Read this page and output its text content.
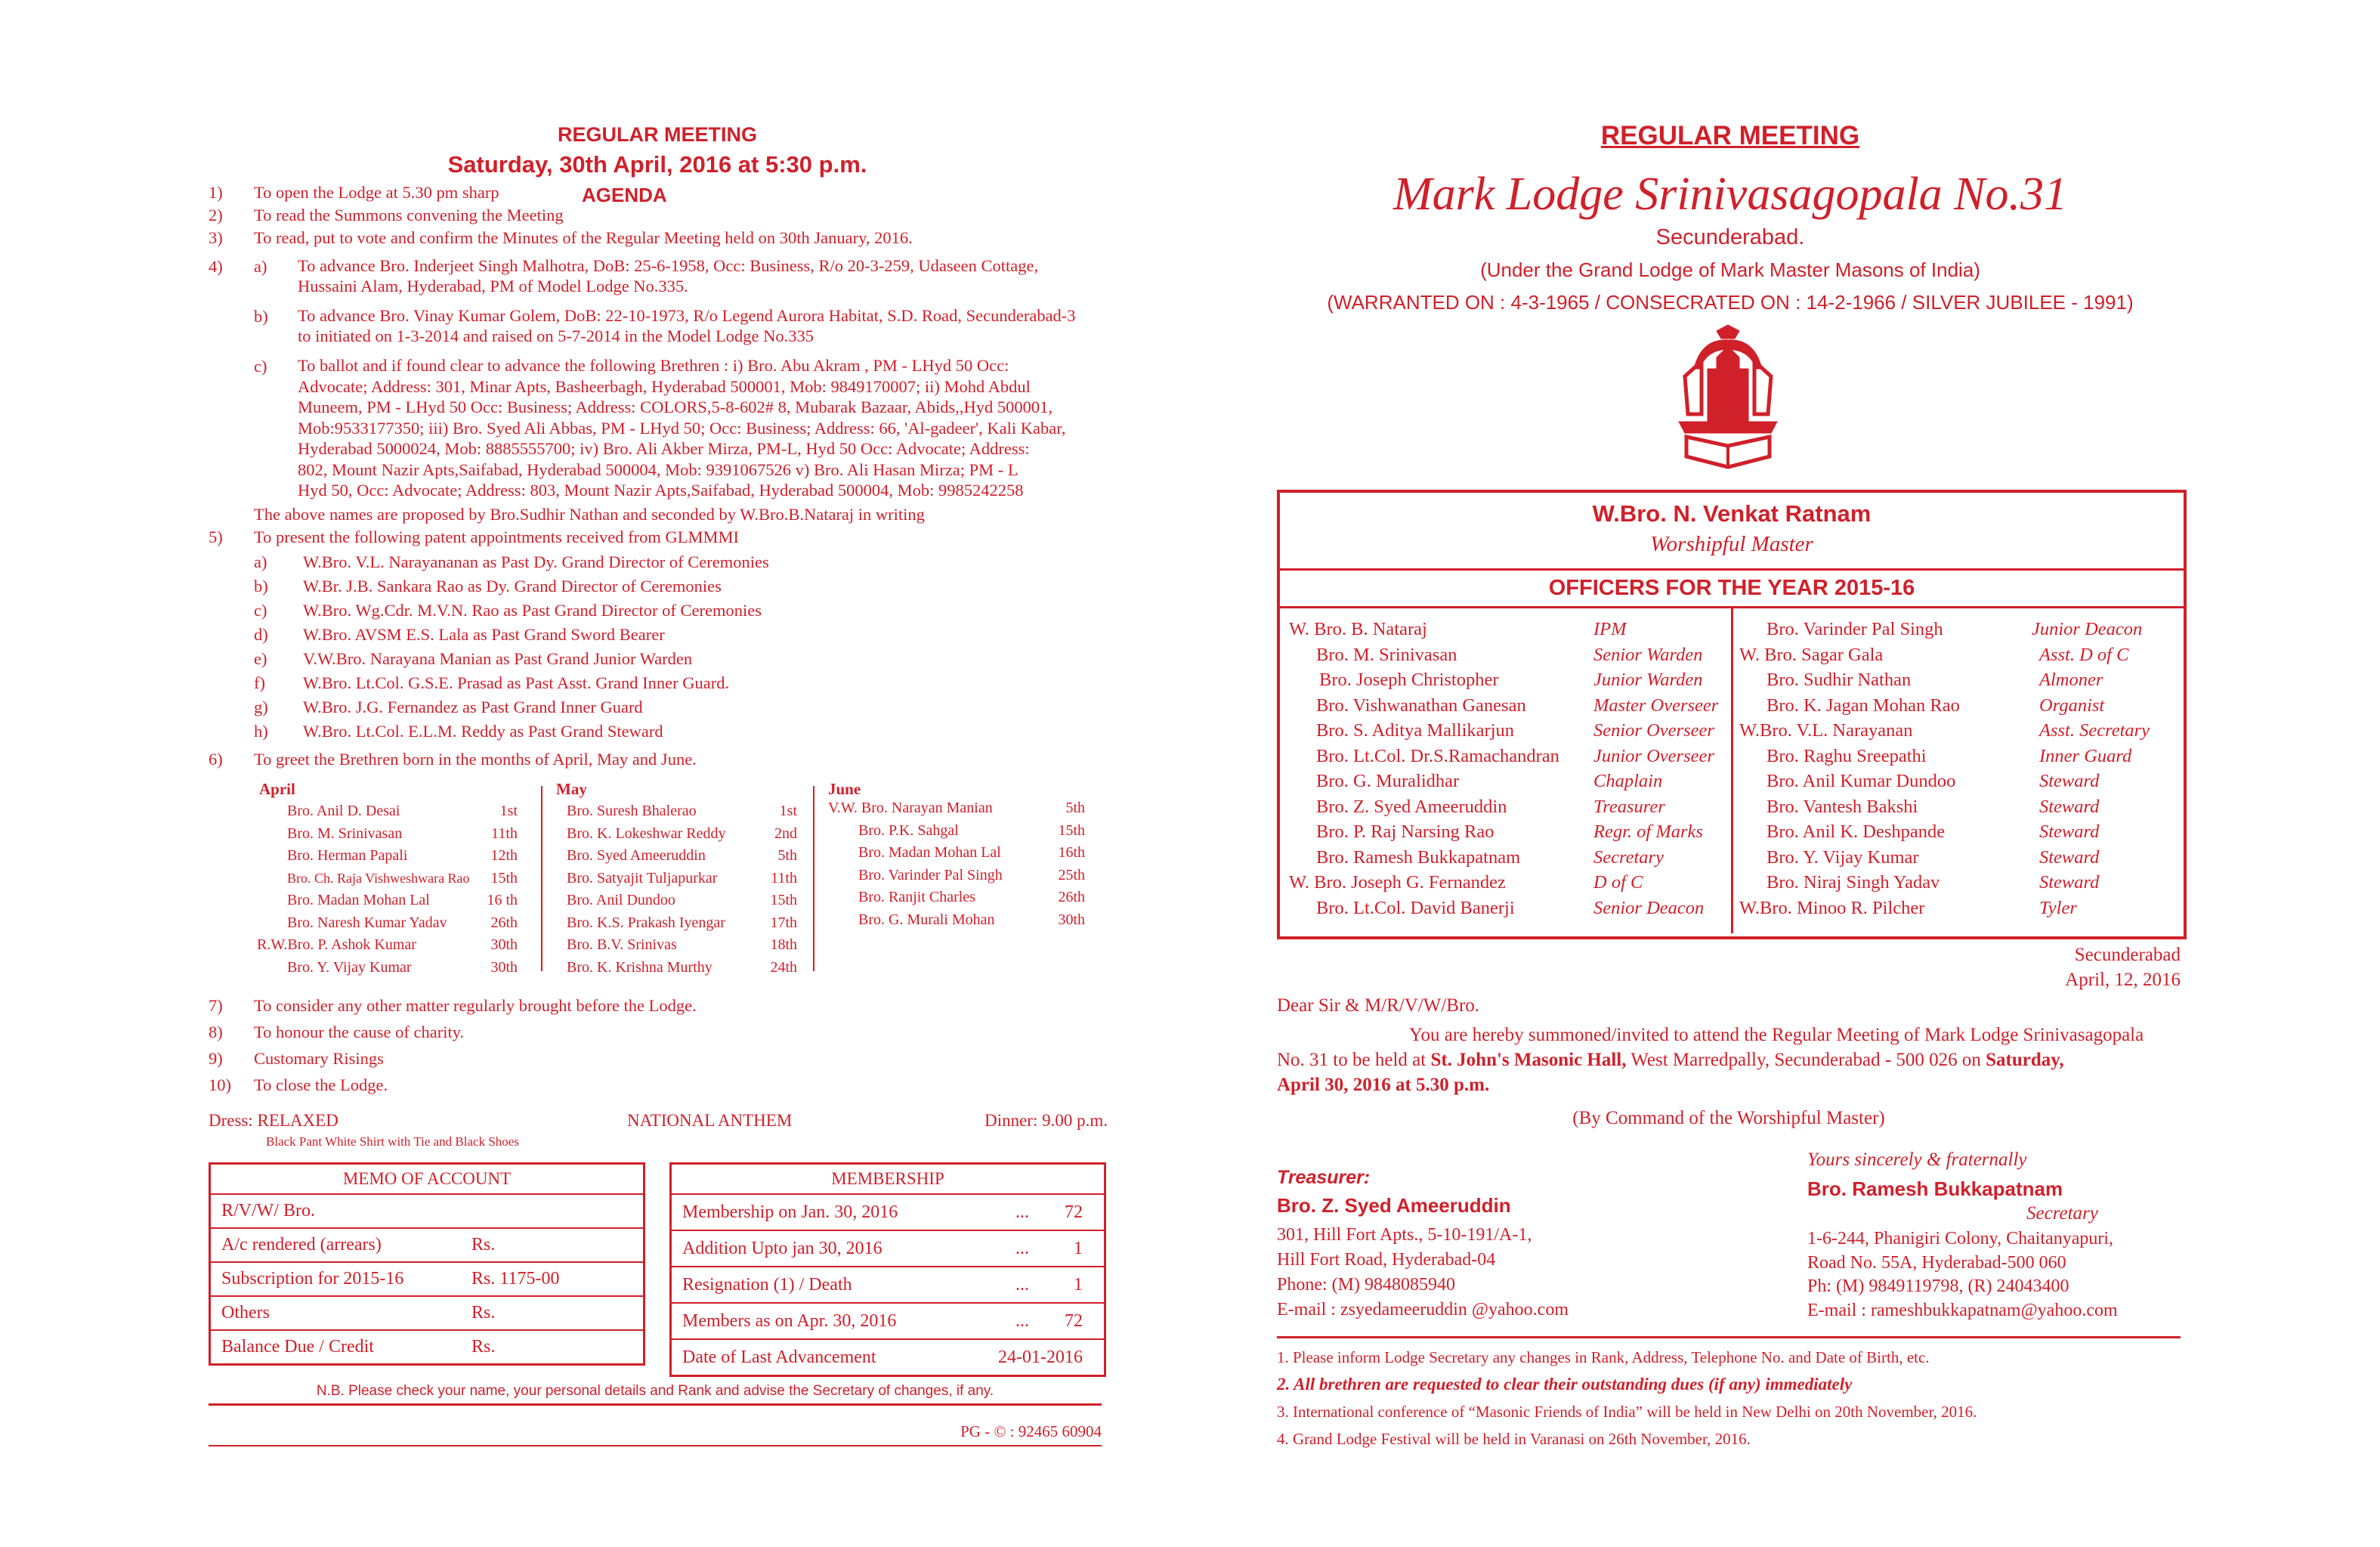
REGULAR MEETING
Saturday, 30th April, 2016 at 5:30 p.m.
AGENDA
1)	To open the Lodge at 5.30 pm sharp
2)	To read the Summons convening the Meeting
3)	To read, put to vote and confirm the Minutes of the Regular Meeting held on 30th January, 2016.
4) a) To advance Bro. Inderjeet Singh Malhotra, DoB: 25-6-1958, Occ: Business, R/o 20-3-259, Udaseen Cottage,
Hussaini Alam, Hyderabad, PM of Model Lodge No.335.
b) To advance Bro. Vinay Kumar Golem, DoB: 22-10-1973, R/o Legend Aurora Habitat, S.D. Road, Secunderabad-3
to initiated on 1-3-2014 and raised on 5-7-2014 in the Model Lodge No.335
c) To ballot and if found clear to advance the following Brethren : i) Bro. Abu Akram , PM - LHyd 50 Occ:
Advocate; Address: 301, Minar Apts, Basheerbagh, Hyderabad 500001, Mob: 9849170007; ii) Mohd Abdul
Muneem, PM - LHyd 50 Occ: Business; Address: COLORS,5-8-602# 8, Mubarak Bazaar, Abids,,Hyd 500001,
Mob:9533177350; iii) Bro. Syed Ali Abbas, PM - LHyd 50; Occ: Business; Address: 66, 'Al-gadeer', Kali Kabar,
Hyderabad 5000024, Mob: 8885555700; iv) Bro. Ali Akber Mirza, PM-L, Hyd 50 Occ: Advocate; Address:
802, Mount Nazir Apts,Saifabad, Hyderabad 500004, Mob: 9391067526 v) Bro. Ali Hasan Mirza; PM - L
Hyd 50, Occ: Advocate; Address: 803, Mount Nazir Apts,Saifabad, Hyderabad 500004, Mob: 9985242258
The above names are proposed by Bro.Sudhir Nathan and seconded by W.Bro.B.Nataraj in writing
5)	To present the following patent appointments received from GLMMMI
a)	W.Bro. V.L. Narayananan as Past Dy. Grand Director of Ceremonies
b)	W.Br. J.B. Sankara Rao as Dy. Grand Director of Ceremonies
c)	W.Bro. Wg.Cdr. M.V.N. Rao as Past Grand Director of Ceremonies
d)	W.Bro. AVSM E.S. Lala as Past Grand Sword Bearer
e)	V.W.Bro. Narayana Manian as Past Grand Junior Warden
f)	W.Bro. Lt.Col. G.S.E. Prasad as Past Asst. Grand Inner Guard.
g)	W.Bro. J.G. Fernandez as Past Grand Inner Guard
h)	W.Bro. Lt.Col. E.L.M. Reddy as Past Grand Steward
6)	To greet the Brethren born in the months of April, May and June.
April	May	June
Bro. Anil D. Desai	1st
Bro. M. Srinivasan	11th
Bro. Herman Papali	12th
Bro. Ch. Raja Vishweshwara Rao 15th
Bro. Madan Mohan Lal	16 th
Bro. Naresh Kumar Yadav	26th
R.W.Bro. P. Ashok Kumar	30th
Bro. Y. Vijay Kumar	30th
Bro. Suresh Bhalerao	1st
Bro. K. Lokeshwar Reddy	2nd
Bro. Syed Ameeruddin	5th
Bro. Satyajit Tuljapurkar	11th
Bro. Anil Dundoo	15th
Bro. K.S. Prakash Iyengar	17th
Bro. B.V. Srinivas	18th
Bro. K. Krishna Murthy	24th
V.W. Bro. Narayan Manian	5th
Bro. P.K. Sahgal	15th
Bro. Madan Mohan Lal	16th
Bro. Varinder Pal Singh	25th
Bro. Ranjit Charles	26th
Bro. G. Murali Mohan	30th
7)	To consider any other matter regularly brought before the Lodge.
8)	To honour the cause of charity.
9)	Customary Risings
10)	To close the Lodge.
Dress: RELAXED
Black Pant White Shirt with Tie and Black Shoes
NATIONAL ANTHEM	Dinner: 9.00 p.m.
MEMO OF ACCOUNT
R/V/W/ Bro.
A/c rendered (arrears)	Rs.
Subscription for 2015-16	Rs. 1175-00
Others	Rs.
Balance Due / Credit	Rs.
MEMBERSHIP
Membership on Jan. 30, 2016	... 72
Addition Upto jan 30, 2016	... 1
Resignation (1) / Death	... 1
Members as on Apr. 30, 2016	... 72
Date of Last Advancement	24-01-2016
N.B. Please check your name, your personal details and Rank and advise the Secretary of changes, if any.
PG - © : 92465 60904
REGULAR MEETING
Mark Lodge Srinivasagopala No.31
Secunderabad.
(Under the Grand Lodge of Mark Master Masons of India)
(WARRANTED ON : 4-3-1965 / CONSECRATED ON : 14-2-1966 / SILVER JUBILEE - 1991)
W.Bro. N. Venkat Ratnam
Worshipful Master
OFFICERS FOR THE YEAR 2015-16
W. Bro. B. Nataraj	IPM
Bro. M. Srinivasan	Senior Warden
Bro. Joseph Christopher	Junior Warden
Bro. Vishwanathan Ganesan	Master Overseer
Bro. S. Aditya Mallikarjun	Senior Overseer
Bro. Lt.Col. Dr.S.Ramachandran Junior Overseer
Bro. G. Muralidhar	Chaplain
Bro. Z. Syed Ameeruddin	Treasurer
Bro. P. Raj Narsing Rao	Regr. of Marks
Bro. Ramesh Bukkapatnam	Secretary
W. Bro. Joseph G. Fernandez	D of C
Bro. Lt.Col. David Banerji	Senior Deacon
Bro. Varinder Pal Singh	Junior Deacon
W. Bro. Sagar Gala	Asst. D of C
Bro. Sudhir Nathan	Almoner
Bro. K. Jagan Mohan Rao	Organist
W.Bro. V.L. Narayanan	Asst. Secretary
Bro. Raghu Sreepathi	Inner Guard
Bro. Anil Kumar Dundoo	Steward
Bro. Vantesh Bakshi	Steward
Bro. Anil K. Deshpande	Steward
Bro. Y. Vijay Kumar	Steward
Bro. Niraj Singh Yadav	Steward
W.Bro. Minoo R. Pilcher	Tyler
Secunderabad
April, 12, 2016
Dear Sir & M/R/V/W/Bro.
You are hereby summoned/invited to attend the Regular Meeting of Mark Lodge Srinivasagopala
No. 31 to be held at St. John's Masonic Hall, West Marredpally, Secunderabad - 500 026 on Saturday,
April 30, 2016 at 5.30 p.m.
(By Command of the Worshipful Master)
Yours sincerely & fraternally
Treasurer:
Bro. Z. Syed Ameeruddin
301, Hill Fort Apts., 5-10-191/A-1,
Hill Fort Road, Hyderabad-04
Phone: (M) 9848085940
E-mail : zsyedameeruddin @yahoo.com
Bro. Ramesh Bukkapatnam
Secretary
1-6-244, Phanigiri Colony, Chaitanyapuri,
Road No. 55A, Hyderabad-500 060
Ph: (M) 9849119798, (R) 24043400
E-mail : rameshbukkapatnam@yahoo.com
1. Please inform Lodge Secretary any changes in Rank, Address, Telephone No. and Date of Birth, etc.
2. All brethren are requested to clear their outstanding dues (if any) immediately
3. International conference of “Masonic Friends of India” will be held in New Delhi on 20th November, 2016.
4. Grand Lodge Festival will be held in Varanasi on 26th November, 2016.
